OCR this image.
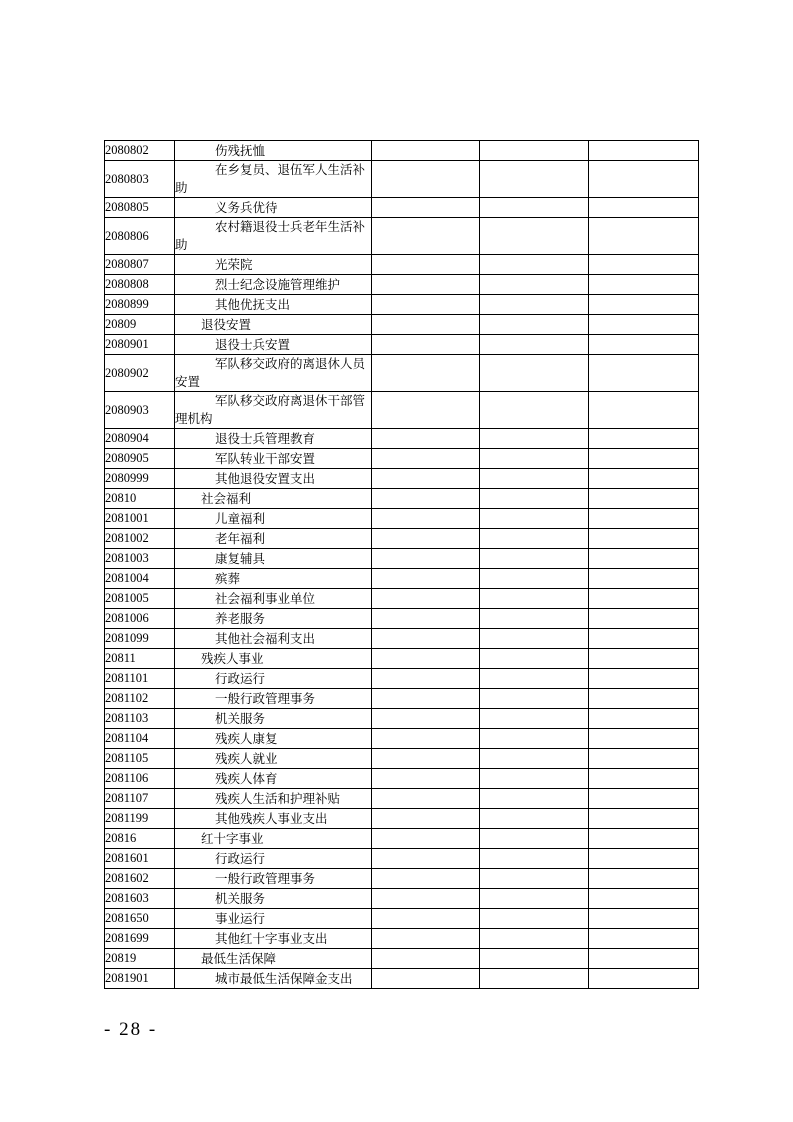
2080802	伤残抚恤			
2080803	在乡复员、退伍军人生活补助			
2080805	义务兵优待			
2080806	农村籍退役士兵老年生活补助			
2080807	光荣院			
2080808	烈士纪念设施管理维护			
2080899	其他优抚支出			
20809	退役安置			
2080901	退役士兵安置			
2080902	军队移交政府的离退休人员安置			
2080903	军队移交政府离退休干部管理机构			
2080904	退役士兵管理教育			
2080905	军队转业干部安置			
2080999	其他退役安置支出			
20810	社会福利			
2081001	儿童福利			
2081002	老年福利			
2081003	康复辅具			
2081004	殡葬			
2081005	社会福利事业单位			
2081006	养老服务			
2081099	其他社会福利支出			
20811	残疾人事业			
2081101	行政运行			
2081102	一般行政管理事务			
2081103	机关服务			
2081104	残疾人康复			
2081105	残疾人就业			
2081106	残疾人体育			
2081107	残疾人生活和护理补贴			
2081199	其他残疾人事业支出			
20816	红十字事业			
2081601	行政运行			
2081602	一般行政管理事务			
2081603	机关服务			
2081650	事业运行			
2081699	其他红十字事业支出			
20819	最低生活保障			
2081901	城市最低生活保障金支出			
- 28 -
